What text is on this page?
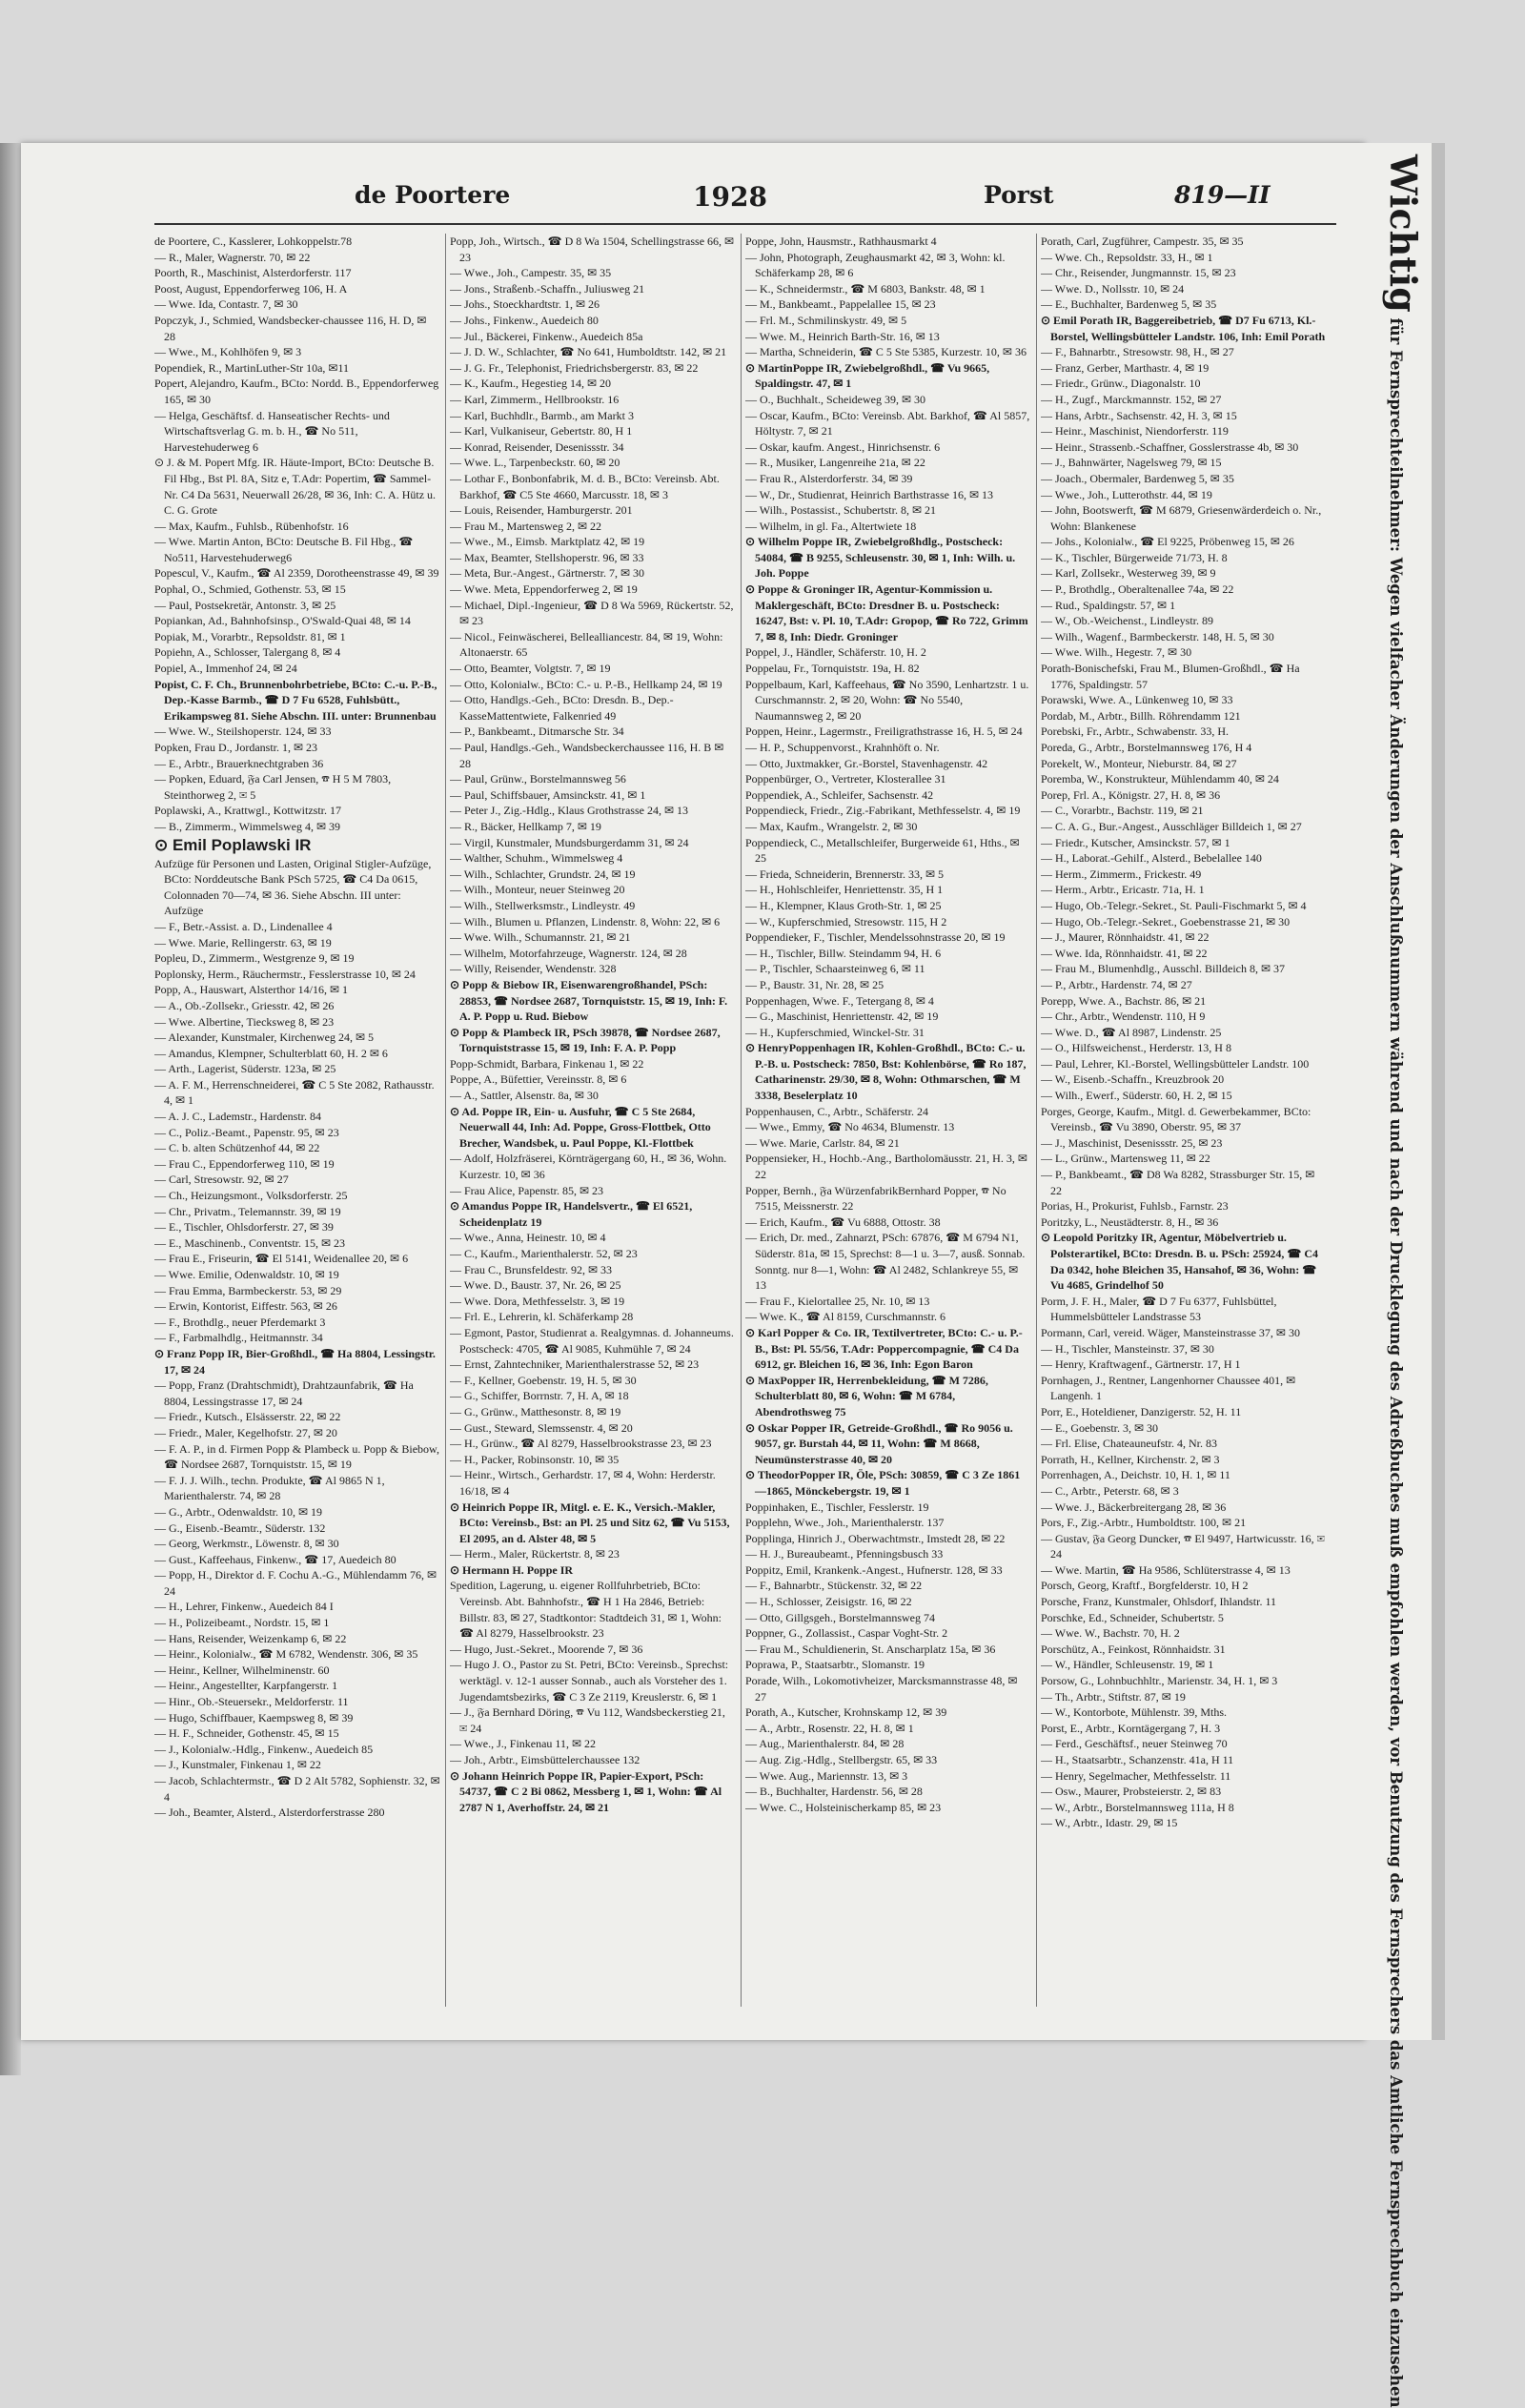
de Poortere	1928	Porst	819—II

de Poortere, C., Kasslerer, Lohkoppelstr.78

— R., Maler, Wagnerstr. 70, ✉ 22

Poorth, R., Maschinist, Alsterdorferstr. 117

Poost, August, Eppendorferweg 106, H. A

— Wwe. Ida, Contastr. 7, ✉ 30

Popczyk, J., Schmied, Wandsbecker-chaussee 116, H. D, ✉ 28

— Wwe., M., Kohlhöfen 9, ✉ 3

Popendiek, R., MartinLuther-Str 10a, ✉11

Popert, Alejandro, Kaufm., BCto: Nordd. B., Eppendorferweg 165, ✉ 30

— Helga, Geschäftsf. d. Hanseatischer Rechts- und Wirtschaftsverlag G. m. b. H., ☎ No 511, Harvestehuderweg 6

⊙ J. & M. Popert Mfg. IR. Häute-Import, BCto: Deutsche B. Fil Hbg., Bst Pl. 8A, Sitz e, T.Adr: Popertim, ☎ Sammel-Nr. C4 Da 5631, Neuerwall 26/28, ✉ 36, Inh: C. A. Hütz u. C. G. Grote

— Max, Kaufm., Fuhlsb., Rübenhofstr. 16

— Wwe. Martin Anton, BCto: Deutsche B. Fil Hbg., ☎ No511, Harvestehuderweg6

Popescul, V., Kaufm., ☎ Al 2359, Dorotheenstrasse 49, ✉ 39

Pophal, O., Schmied, Gothenstr. 53, ✉ 15

— Paul, Postsekretär, Antonstr. 3, ✉ 25

Popiankan, Ad., Bahnhofsinsp., O'Swald-Quai 48, ✉ 14

Popiak, M., Vorarbtr., Repsoldstr. 81, ✉ 1

Popiehn, A., Schlosser, Talergang 8, ✉ 4

Popiel, A., Immenhof 24, ✉ 24

Popist, C. F. Ch., Brunnenbohrbetriebe, BCto: C.-u. P.-B., Dep.-Kasse Barmb., ☎ D 7 Fu 6528, Fuhlsbütt., Erikampsweg 81. Siehe Abschn. III. unter: Brunnenbau

— Wwe. W., Steilshoperstr. 124, ✉ 33

Popken, Frau D., Jordanstr. 1, ✉ 23

— E., Arbtr., Brauerknechtgraben 36

— Popken, Eduard, 𝔉a Carl Jensen, ☎ H 5 M 7803, Steinthorweg 2, ✉ 5

Poplawski, A., Krattwgl., Kottwitzstr. 17

— B., Zimmerm., Wimmelsweg 4, ✉ 39

⊙ Emil Poplawski IR

Aufzüge für Personen und Lasten, Original Stigler-Aufzüge, BCto: Norddeutsche Bank PSch 5725, ☎ C4 Da 0615, Colonnaden 70—74, ✉ 36. Siehe Abschn. III unter: Aufzüge

— F., Betr.-Assist. a. D., Lindenallee 4

— Wwe. Marie, Rellingerstr. 63, ✉ 19

Popleu, D., Zimmerm., Westgrenze 9, ✉ 19

Poplonsky, Herm., Räuchermstr., Fesslerstrasse 10, ✉ 24

Popp, A., Hauswart, Alsterthor 14/16, ✉ 1

— A., Ob.-Zollsekr., Griesstr. 42, ✉ 26

— Wwe. Albertine, Tiecksweg 8, ✉ 23

— Alexander, Kunstmaler, Kirchenweg 24, ✉ 5

— Amandus, Klempner, Schulterblatt 60, H. 2 ✉ 6

— Arth., Lagerist, Süderstr. 123a, ✉ 25

— A. F. M., Herrenschneiderei, ☎ C 5 Ste 2082, Rathausstr. 4, ✉ 1

— A. J. C., Lademstr., Hardenstr. 84

— C., Poliz.-Beamt., Papenstr. 95, ✉ 23

— C. b. alten Schützenhof 44, ✉ 22

— Frau C., Eppendorferweg 110, ✉ 19

— Carl, Stresowstr. 92, ✉ 27

— Ch., Heizungsmont., Volksdorferstr. 25

— Chr., Privatm., Telemannstr. 39, ✉ 19

— E., Tischler, Ohlsdorferstr. 27, ✉ 39

— E., Maschinenb., Conventstr. 15, ✉ 23

— Frau E., Friseurin, ☎ El 5141, Weidenallee 20, ✉ 6

— Wwe. Emilie, Odenwaldstr. 10, ✉ 19

— Frau Emma, Barmbeckerstr. 53, ✉ 29

— Erwin, Kontorist, Eiffestr. 563, ✉ 26

— F., Brothdlg., neuer Pferdemarkt 3

— F., Farbmalhdlg., Heitmannstr. 34

⊙ Franz Popp IR, Bier-Großhdl., ☎ Ha 8804, Lessingstr. 17, ✉ 24

— Popp, Franz (Drahtschmidt), Drahtzaunfabrik, ☎ Ha 8804, Lessingstrasse 17, ✉ 24

— Friedr., Kutsch., Elsässerstr. 22, ✉ 22

— Friedr., Maler, Kegelhofstr. 27, ✉ 20

— F. A. P., in d. Firmen Popp & Plambeck u. Popp & Biebow, ☎ Nordsee 2687, Tornquiststr. 15, ✉ 19

— F. J. J. Wilh., techn. Produkte, ☎ Al 9865 N 1, Marienthalerstr. 74, ✉ 28

— G., Arbtr., Odenwaldstr. 10, ✉ 19

— G., Eisenb.-Beamtr., Süderstr. 132

— Georg, Werkmstr., Löwenstr. 8, ✉ 30

— Gust., Kaffeehaus, Finkenw., ☎ 17, Auedeich 80

— Popp, H., Direktor d. F. Cochu A.-G., Mühlendamm 76, ✉ 24

— H., Lehrer, Finkenw., Auedeich 84 I

— H., Polizeibeamt., Nordstr. 15, ✉ 1

— Hans, Reisender, Weizenkamp 6, ✉ 22

— Heinr., Kolonialw., ☎ M 6782, Wendenstr. 306, ✉ 35

— Heinr., Kellner, Wilhelminenstr. 60

— Heinr., Angestellter, Karpfangerstr. 1

— Hinr., Ob.-Steuersekr., Meldorferstr. 11

— Hugo, Schiffbauer, Kaempsweg 8, ✉ 39

— H. F., Schneider, Gothenstr. 45, ✉ 15

— J., Kolonialw.-Hdlg., Finkenw., Auedeich 85

— J., Kunstmaler, Finkenau 1, ✉ 22

— Jacob, Schlachtermstr., ☎ D 2 Alt 5782, Sophienstr. 32, ✉ 4

— Joh., Beamter, Alsterd., Alsterdorferstrasse 280

Popp, Joh., Wirtsch., ☎ D 8 Wa 1504, Schellingstrasse 66, ✉ 23

— Wwe., Joh., Campestr. 35, ✉ 35

— Jons., Straßenb.-Schaffn., Juliusweg 21

— Johs., Stoeckhardtstr. 1, ✉ 26

— Johs., Finkenw., Auedeich 80

— Jul., Bäckerei, Finkenw., Auedeich 85a

— J. D. W., Schlachter, ☎ No 641, Humboldtstr. 142, ✉ 21

— J. G. Fr., Telephonist, Friedrichsbergerstr. 83, ✉ 22

— K., Kaufm., Hegestieg 14, ✉ 20

— Karl, Zimmerm., Hellbrookstr. 16

— Karl, Buchhdlr., Barmb., am Markt 3

— Karl, Vulkaniseur, Gebertstr. 80, H 1

— Konrad, Reisender, Desenissstr. 34

— Wwe. L., Tarpenbeckstr. 60, ✉ 20

— Lothar F., Bonbonfabrik, M. d. B., BCto: Vereinsb. Abt. Barkhof, ☎ C5 Ste 4660, Marcusstr. 18, ✉ 3

— Louis, Reisender, Hamburgerstr. 201

— Frau M., Martensweg 2, ✉ 22

— Wwe., M., Eimsb. Marktplatz 42, ✉ 19

— Max, Beamter, Stellshoperstr. 96, ✉ 33

— Meta, Bur.-Angest., Gärtnerstr. 7, ✉ 30

— Wwe. Meta, Eppendorferweg 2, ✉ 19

— Michael, Dipl.-Ingenieur, ☎ D 8 Wa 5969, Rückertstr. 52, ✉ 23

— Nicol., Feinwäscherei, Bellealliancestr. 84, ✉ 19, Wohn: Altonaerstr. 65

— Otto, Beamter, Volgtstr. 7, ✉ 19

— Otto, Kolonialw., BCto: C.- u. P.-B., Hellkamp 24, ✉ 19

— Otto, Handlgs.-Geh., BCto: Dresdn. B., Dep.-KasseMattentwiete, Falkenried 49

— P., Bankbeamt., Ditmarsche Str. 34

— Paul, Handlgs.-Geh., Wandsbeckerchaussee 116, H. B ✉ 28

— Paul, Grünw., Borstelmannsweg 56

— Paul, Schiffsbauer, Amsinckstr. 41, ✉ 1

— Peter J., Zig.-Hdlg., Klaus Grothstrasse 24, ✉ 13

— R., Bäcker, Hellkamp 7, ✉ 19

— Virgil, Kunstmaler, Mundsburgerdamm 31, ✉ 24

— Walther, Schuhm., Wimmelsweg 4

— Wilh., Schlachter, Grundstr. 24, ✉ 19

— Wilh., Monteur, neuer Steinweg 20

— Wilh., Stellwerksmstr., Lindleystr. 49

— Wilh., Blumen u. Pflanzen, Lindenstr. 8, Wohn: 22, ✉ 6

— Wwe. Wilh., Schumannstr. 21, ✉ 21

— Wilhelm, Motorfahrzeuge, Wagnerstr. 124, ✉ 28

— Willy, Reisender, Wendenstr. 328

⊙ Popp & Biebow IR, Eisenwarengroßhandel, PSch: 28853, ☎ Nordsee 2687, Tornquiststr. 15, ✉ 19, Inh: F. A. P. Popp u. Rud. Biebow

⊙ Popp & Plambeck IR, PSch 39878, ☎ Nordsee 2687, Tornquiststrasse 15, ✉ 19, Inh: F. A. P. Popp

Popp-Schmidt, Barbara, Finkenau 1, ✉ 22

Poppe, A., Büfettier, Vereinsstr. 8, ✉ 6

— A., Sattler, Alsenstr. 8a, ✉ 30

⊙ Ad. Poppe IR, Ein- u. Ausfuhr, ☎ C 5 Ste 2684, Neuerwall 44, Inh: Ad. Poppe, Gross-Flottbek, Otto Brecher, Wandsbek, u. Paul Poppe, Kl.-Flottbek

— Adolf, Holzfräserei, Körnträgergang 60, H., ✉ 36, Wohn. Kurzestr. 10, ✉ 36

— Frau Alice, Papenstr. 85, ✉ 23

⊙ Amandus Poppe IR, Handelsvertr., ☎ El 6521, Scheidenplatz 19

— Wwe., Anna, Heinestr. 10, ✉ 4

— C., Kaufm., Marienthalerstr. 52, ✉ 23

— Frau C., Brunsfeldestr. 92, ✉ 33

— Wwe. D., Baustr. 37, Nr. 26, ✉ 25

— Wwe. Dora, Methfesselstr. 3, ✉ 19

— Frl. E., Lehrerin, kl. Schäferkamp 28

— Egmont, Pastor, Studienrat a. Realgymnas. d. Johanneums. Postscheck: 4705, ☎ Al 9085, Kuhmühle 7, ✉ 24

— Ernst, Zahntechniker, Marienthalerstrasse 52, ✉ 23

— F., Kellner, Goebenstr. 19, H. 5, ✉ 30

— G., Schiffer, Borrnstr. 7, H. A, ✉ 18

— G., Grünw., Matthesonstr. 8, ✉ 19

— Gust., Steward, Slemssenstr. 4, ✉ 20

— H., Grünw., ☎ Al 8279, Hasselbrookstrasse 23, ✉ 23

— H., Packer, Robinsonstr. 10, ✉ 35

— Heinr., Wirtsch., Gerhardstr. 17, ✉ 4, Wohn: Herderstr. 16/18, ✉ 4

⊙ Heinrich Poppe IR, Mitgl. e. E. K., Versich.-Makler, BCto: Vereinsb., Bst: an Pl. 25 und Sitz 62, ☎ Vu 5153, El 2095, an d. Alster 48, ✉ 5

— Herm., Maler, Rückertstr. 8, ✉ 23

⊙ Hermann H. Poppe IR

Spedition, Lagerung, u. eigener Rollfuhrbetrieb, BCto: Vereinsb. Abt. Bahnhofstr., ☎ H 1 Ha 2846, Betrieb: Billstr. 83, ✉ 27, Stadtkontor: Stadtdeich 31, ✉ 1, Wohn: ☎ Al 8279, Hasselbrookstr. 23

— Hugo, Just.-Sekret., Moorende 7, ✉ 36

— Hugo J. O., Pastor zu St. Petri, BCto: Vereinsb., Sprechst: werktägl. v. 12-1 ausser Sonnab., auch als Vorsteher des 1. Jugendamtsbezirks, ☎ C 3 Ze 2119, Kreuslerstr. 6, ✉ 1

— J., 𝔉a Bernhard Döring, ☎ Vu 112, Wandsbeckerstieg 21, ✉ 24

— Wwe., J., Finkenau 11, ✉ 22

— Joh., Arbtr., Eimsbüttelerchaussee 132

⊙ Johann Heinrich Poppe IR, Papier-Export, PSch: 54737, ☎ C 2 Bi 0862, Messberg 1, ✉ 1, Wohn: ☎ Al 2787 N 1, Averhoffstr. 24, ✉ 21

Poppe, John, Hausmstr., Rathhausmarkt 4

— John, Photograph, Zeughausmarkt 42, ✉ 3, Wohn: kl. Schäferkamp 28, ✉ 6

— K., Schneidermstr., ☎ M 6803, Bankstr. 48, ✉ 1

— M., Bankbeamt., Pappelallee 15, ✉ 23

— Frl. M., Schmilinskystr. 49, ✉ 5

— Wwe. M., Heinrich Barth-Str. 16, ✉ 13

— Martha, Schneiderin, ☎ C 5 Ste 5385, Kurzestr. 10, ✉ 36

⊙ MartinPoppe IR, Zwiebelgroßhdl., ☎ Vu 9665, Spaldingstr. 47, ✉ 1

— O., Buchhalt., Scheideweg 39, ✉ 30

— Oscar, Kaufm., BCto: Vereinsb. Abt. Barkhof, ☎ Al 5857, Höltystr. 7, ✉ 21

— Oskar, kaufm. Angest., Hinrichsenstr. 6

— R., Musiker, Langenreihe 21a, ✉ 22

— Frau R., Alsterdorferstr. 34, ✉ 39

— W., Dr., Studienrat, Heinrich Barthstrasse 16, ✉ 13

— Wilh., Postassist., Schubertstr. 8, ✉ 21

— Wilhelm, in gl. Fa., Altertwiete 18

⊙ Wilhelm Poppe IR, Zwiebelgroßhdlg., Postscheck: 54084, ☎ B 9255, Schleusenstr. 30, ✉ 1, Inh: Wilh. u. Joh. Poppe

⊙ Poppe & Groninger IR, Agentur-Kommission u. Maklergeschäft, BCto: Dresdner B. u. Postscheck: 16247, Bst: v. Pl. 10, T.Adr: Gropop, ☎ Ro 722, Grimm 7, ✉ 8, Inh: Diedr. Groninger

Poppel, J., Händler, Schäferstr. 10, H. 2

Poppelau, Fr., Tornquiststr. 19a, H. 82

Poppelbaum, Karl, Kaffeehaus, ☎ No 3590, Lenhartzstr. 1 u. Curschmannstr. 2, ✉ 20, Wohn: ☎ No 5540, Naumannsweg 2, ✉ 20

Poppen, Heinr., Lagermstr., Freiligrathstrasse 16, H. 5, ✉ 24

— H. P., Schuppenvorst., Krahnhöft o. Nr.

— Otto, Juxtmakker, Gr.-Borstel, Stavenhagenstr. 42

Poppenbürger, O., Vertreter, Klosterallee 31

Poppendiek, A., Schleifer, Sachsenstr. 42

Poppendieck, Friedr., Zig.-Fabrikant, Methfesselstr. 4, ✉ 19

— Max, Kaufm., Wrangelstr. 2, ✉ 30

Poppendieck, C., Metallschleifer, Burgerweide 61, Hths., ✉ 25

— Frieda, Schneiderin, Brennerstr. 33, ✉ 5

— H., Hohlschleifer, Henriettenstr. 35, H 1

— H., Klempner, Klaus Groth-Str. 1, ✉ 25

— W., Kupferschmied, Stresowstr. 115, H 2

Poppendieker, F., Tischler, Mendelssohnstrasse 20, ✉ 19

— H., Tischler, Billw. Steindamm 94, H. 6

— P., Tischler, Schaarsteinweg 6, ✉ 11

— P., Baustr. 31, Nr. 28, ✉ 25

Poppenhagen, Wwe. F., Tetergang 8, ✉ 4

— G., Maschinist, Henriettenstr. 42, ✉ 19

— H., Kupferschmied, Winckel-Str. 31

⊙ HenryPoppenhagen IR, Kohlen-Großhdl., BCto: C.- u. P.-B. u. Postscheck: 7850, Bst: Kohlenbörse, ☎ Ro 187, Catharinenstr. 29/30, ✉ 8, Wohn: Othmarschen, ☎ M 3338, Beselerplatz 10

Poppenhausen, C., Arbtr., Schäferstr. 24

— Wwe., Emmy, ☎ No 4634, Blumenstr. 13

— Wwe. Marie, Carlstr. 84, ✉ 21

Poppensieker, H., Hochb.-Ang., Bartholomäusstr. 21, H. 3, ✉ 22

Popper, Bernh., 𝔉a WürzenfabrikBernhard Popper, ☎ No 7515, Meissnerstr. 22

— Erich, Kaufm., ☎ Vu 6888, Ottostr. 38

— Erich, Dr. med., Zahnarzt, PSch: 67876, ☎ M 6794 N1, Süderstr. 81a, ✉ 15, Sprechst: 8—1 u. 3—7, ausß. Sonnab. Sonntg. nur 8—1, Wohn: ☎ Al 2482, Schlankreye 55, ✉ 13

— Frau F., Kielortallee 25, Nr. 10, ✉ 13

— Wwe. K., ☎ Al 8159, Curschmannstr. 6

⊙ Karl Popper & Co. IR, Textilvertreter, BCto: C.- u. P.-B., Bst: Pl. 55/56, T.Adr: Poppercompagnie, ☎ C4 Da 6912, gr. Bleichen 16, ✉ 36, Inh: Egon Baron

⊙ MaxPopper IR, Herrenbekleidung, ☎ M 7286, Schulterblatt 80, ✉ 6, Wohn: ☎ M 6784, Abendrothsweg 75

⊙ Oskar Popper IR, Getreide-Großhdl., ☎ Ro 9056 u. 9057, gr. Burstah 44, ✉ 11, Wohn: ☎ M 8668, Neumünsterstrasse 40, ✉ 20

⊙ TheodorPopper IR, Öle, PSch: 30859, ☎ C 3 Ze 1861—1865, Mönckebergstr. 19, ✉ 1

Poppinhaken, E., Tischler, Fesslerstr. 19

Popplehn, Wwe., Joh., Marienthalerstr. 137

Popplinga, Hinrich J., Oberwachtmstr., Imstedt 28, ✉ 22

— H. J., Bureaubeamt., Pfenningsbusch 33

Poppitz, Emil, Krankenk.-Angest., Hufnerstr. 128, ✉ 33

— F., Bahnarbtr., Stückenstr. 32, ✉ 22

— H., Schlosser, Zeisigstr. 16, ✉ 22

— Otto, Gillgsgeh., Borstelmannsweg 74

Poppner, G., Zollassist., Caspar Voght-Str. 2

— Frau M., Schuldienerin, St. Anscharplatz 15a, ✉ 36

Poprawa, P., Staatsarbtr., Slomanstr. 19

Porade, Wilh., Lokomotivheizer, Marcksmannstrasse 48, ✉ 27

Porath, A., Kutscher, Krohnskamp 12, ✉ 39

— A., Arbtr., Rosenstr. 22, H. 8, ✉ 1

— Aug., Marienthalerstr. 84, ✉ 28

— Aug. Zig.-Hdlg., Stellbergstr. 65, ✉ 33

— Wwe. Aug., Mariennstr. 13, ✉ 3

— B., Buchhalter, Hardenstr. 56, ✉ 28

— Wwe. C., Holsteinischerkamp 85, ✉ 23

Porath, Carl, Zugführer, Campestr. 35, ✉ 35

— Wwe. Ch., Repsoldstr. 33, H., ✉ 1

— Chr., Reisender, Jungmannstr. 15, ✉ 23

— Wwe. D., Nollsstr. 10, ✉ 24

— E., Buchhalter, Bardenweg 5, ✉ 35

⊙ Emil Porath IR, Baggereibetrieb, ☎ D7 Fu 6713, Kl.-Borstel, Wellingsbütteler Landstr. 106, Inh: Emil Porath

— F., Bahnarbtr., Stresowstr. 98, H., ✉ 27

— Franz, Gerber, Marthastr. 4, ✉ 19

— Friedr., Grünw., Diagonalstr. 10

— H., Zugf., Marckmannstr. 152, ✉ 27

— Hans, Arbtr., Sachsenstr. 42, H. 3, ✉ 15

— Heinr., Maschinist, Niendorferstr. 119

— Heinr., Strassenb.-Schaffner, Gosslerstrasse 4b, ✉ 30

— J., Bahnwärter, Nagelsweg 79, ✉ 15

— Joach., Obermaler, Bardenweg 5, ✉ 35

— Wwe., Joh., Lutterothstr. 44, ✉ 19

— John, Bootswerft, ☎ M 6879, Griesenwärderdeich o. Nr., Wohn: Blankenese

— Johs., Kolonialw., ☎ El 9225, Pröbenweg 15, ✉ 26

— K., Tischler, Bürgerweide 71/73, H. 8

— Karl, Zollsekr., Westerweg 39, ✉ 9

— P., Brothdlg., Oberaltenallee 74a, ✉ 22

— Rud., Spaldingstr. 57, ✉ 1

— W., Ob.-Weichenst., Lindleystr. 89

— Wilh., Wagenf., Barmbeckerstr. 148, H. 5, ✉ 30

— Wwe. Wilh., Hegestr. 7, ✉ 30

Porath-Bonischefski, Frau M., Blumen-Großhdl., ☎ Ha 1776, Spaldingstr. 57

Porawski, Wwe. A., Lünkenweg 10, ✉ 33

Pordab, M., Arbtr., Billh. Röhrendamm 121

Porebski, Fr., Arbtr., Schwabenstr. 33, H.

Poreda, G., Arbtr., Borstelmannsweg 176, H 4

Porekelt, W., Monteur, Nieburstr. 84, ✉ 27

Poremba, W., Konstrukteur, Mühlendamm 40, ✉ 24

Porep, Frl. A., Königstr. 27, H. 8, ✉ 36

— C., Vorarbtr., Bachstr. 119, ✉ 21

— C. A. G., Bur.-Angest., Ausschläger Billdeich 1, ✉ 27

— Friedr., Kutscher, Amsinckstr. 57, ✉ 1

— H., Laborat.-Gehilf., Alsterd., Bebelallee 140

— Herm., Zimmerm., Frickestr. 49

— Herm., Arbtr., Ericastr. 71a, H. 1

— Hugo, Ob.-Telegr.-Sekret., St. Pauli-Fischmarkt 5, ✉ 4

— Hugo, Ob.-Telegr.-Sekret., Goebenstrasse 21, ✉ 30

— J., Maurer, Rönnhaidstr. 41, ✉ 22

— Wwe. Ida, Rönnhaidstr. 41, ✉ 22

— Frau M., Blumenhdlg., Ausschl. Billdeich 8, ✉ 37

— P., Arbtr., Hardenstr. 74, ✉ 27

Porepp, Wwe. A., Bachstr. 86, ✉ 21

— Chr., Arbtr., Wendenstr. 110, H 9

— Wwe. D., ☎ Al 8987, Lindenstr. 25

— O., Hilfsweichenst., Herderstr. 13, H 8

— Paul, Lehrer, Kl.-Borstel, Wellingsbütteler Landstr. 100

— W., Eisenb.-Schaffn., Kreuzbrook 20

— Wilh., Ewerf., Süderstr. 60, H. 2, ✉ 15

Porges, George, Kaufm., Mitgl. d. Gewerbekammer, BCto: Vereinsb., ☎ Vu 3890, Oberstr. 95, ✉ 37

— J., Maschinist, Desenissstr. 25, ✉ 23

— L., Grünw., Martensweg 11, ✉ 22

— P., Bankbeamt., ☎ D8 Wa 8282, Strassburger Str. 15, ✉ 22

Porias, H., Prokurist, Fuhlsb., Farnstr. 23

Poritzky, L., Neustädterstr. 8, H., ✉ 36

⊙ Leopold Poritzky IR, Agentur, Möbelvertrieb u. Polsterartikel, BCto: Dresdn. B. u. PSch: 25924, ☎ C4 Da 0342, hohe Bleichen 35, Hansahof, ✉ 36, Wohn: ☎ Vu 4685, Grindelhof 50

Porm, J. F. H., Maler, ☎ D 7 Fu 6377, Fuhlsbüttel, Hummelsbütteler Landstrasse 53

Pormann, Carl, vereid. Wäger, Mansteinstrasse 37, ✉ 30

— H., Tischler, Mansteinstr. 37, ✉ 30

— Henry, Kraftwagenf., Gärtnerstr. 17, H 1

Pornhagen, J., Rentner, Langenhorner Chaussee 401, ✉ Langenh. 1

Porr, E., Hoteldiener, Danzigerstr. 52, H. 11

— E., Goebenstr. 3, ✉ 30

— Frl. Elise, Chateauneufstr. 4, Nr. 83

Porrath, H., Kellner, Kirchenstr. 2, ✉ 3

Porrenhagen, A., Deichstr. 10, H. 1, ✉ 11

— C., Arbtr., Peterstr. 68, ✉ 3

— Wwe. J., Bäckerbreitergang 28, ✉ 36

Pors, F., Zig.-Arbtr., Humboldtstr. 100, ✉ 21

— Gustav, 𝔉a Georg Duncker, ☎ El 9497, Hartwicusstr. 16, ✉ 24

— Wwe. Martin, ☎ Ha 9586, Schlüterstrasse 4, ✉ 13

Porsch, Georg, Kraftf., Borgfelderstr. 10, H 2

Porsche, Franz, Kunstmaler, Ohlsdorf, Ihlandstr. 11

Porschke, Ed., Schneider, Schubertstr. 5

— Wwe. W., Bachstr. 70, H. 2

Porschütz, A., Feinkost, Rönnhaidstr. 31

— W., Händler, Schleusenstr. 19, ✉ 1

Porsow, G., Lohnbuchhltr., Marienstr. 34, H. 1, ✉ 3

— Th., Arbtr., Stiftstr. 87, ✉ 19

— W., Kontorbote, Mühlenstr. 39, Mths.

Porst, E., Arbtr., Korntägergang 7, H. 3

— Ferd., Geschäftsf., neuer Steinweg 70

— H., Staatsarbtr., Schanzenstr. 41a, H 11

— Henry, Segelmacher, Methfesselstr. 11

— Osw., Maurer, Probsteierstr. 2, ✉ 83

— W., Arbtr., Borstelmannsweg 111a, H 8

— W., Arbtr., Idastr. 29, ✉ 15

Wichtig für Fernsprechteilnehmer: Wegen vielfacher Änderungen der Anschlußnummern während und nach der Drucklegung des Adreßbuches muß empfohlen werden, vor Benutzung des Fernsprechers das Amtliche Fernsprechbuch einzusehen
